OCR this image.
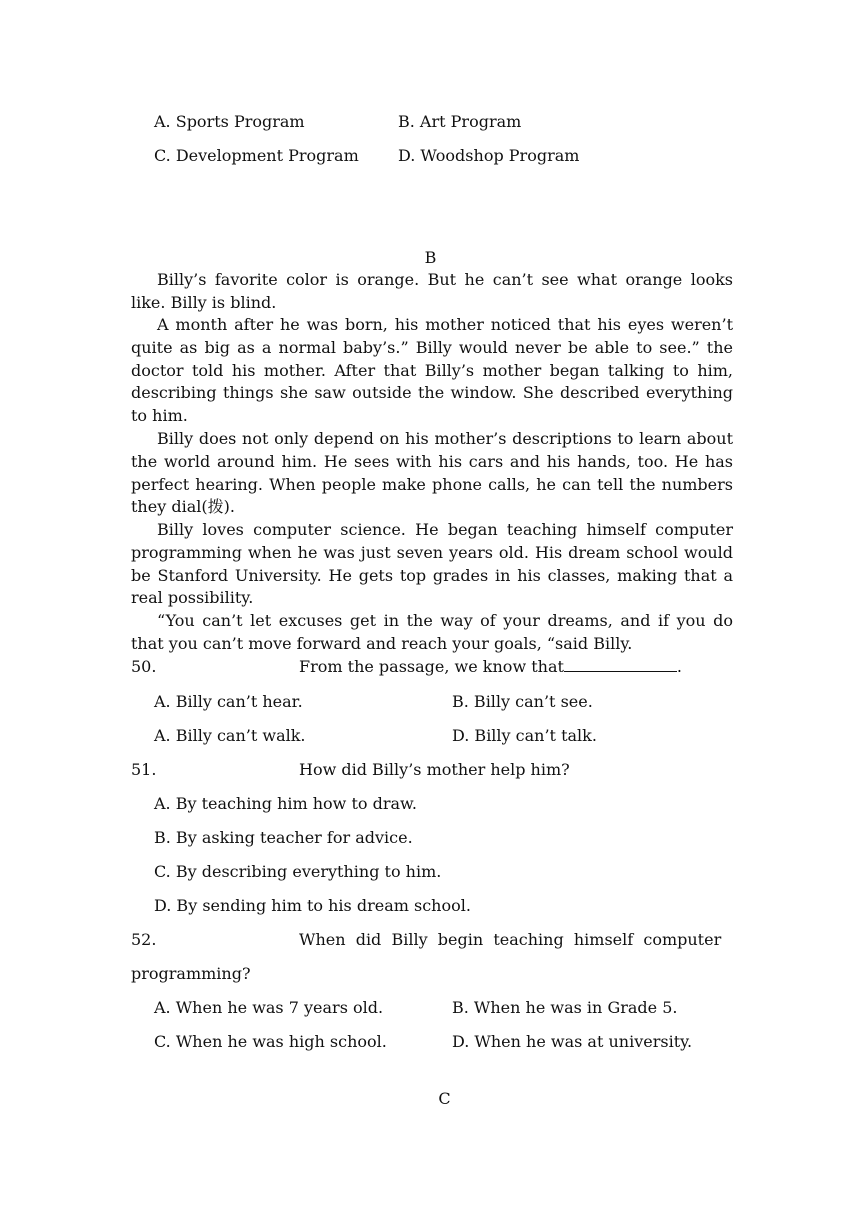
A. Sports Program	B. Art Program
C. Development Program D. Woodshop Program
B
Billy’s favorite color is orange. But he can’t see what orange looks like. Billy is blind.
A month after he was born, his mother noticed that his eyes weren’t quite as big as a normal baby’s.” Billy would never be able to see.” the doctor told his mother. After that Billy’s mother began talking to him, describing things she saw outside the window. She described everything to him.
Billy does not only depend on his mother’s descriptions to learn about the world around him. He sees with his cars and his hands, too. He has perfect hearing. When people make phone calls, he can tell the numbers they dial(拨).
Billy loves computer science. He began teaching himself computer programming when he was just seven years old. His dream school would be Stanford University. He gets top grades in his classes, making that a real possibility.
“You can’t let excuses get in the way of your dreams, and if you do that you can’t move forward and reach your goals, “said Billy.
50.	From the passage, we know that	.
A. Billy can’t hear.	B. Billy can’t see.
A. Billy can’t walk.	D. Billy can’t talk.
51.	How did Billy’s mother help him?
A. By teaching him how to draw.
B. By asking teacher for advice.
C. By describing everything to him.
D. By sending him to his dream school.
52.	When  did  Billy  begin  teaching  himself  computer
programming?
A. When he was 7 years old.	B. When he was in Grade 5.
C. When he was high school.	D. When he was at university.
C
